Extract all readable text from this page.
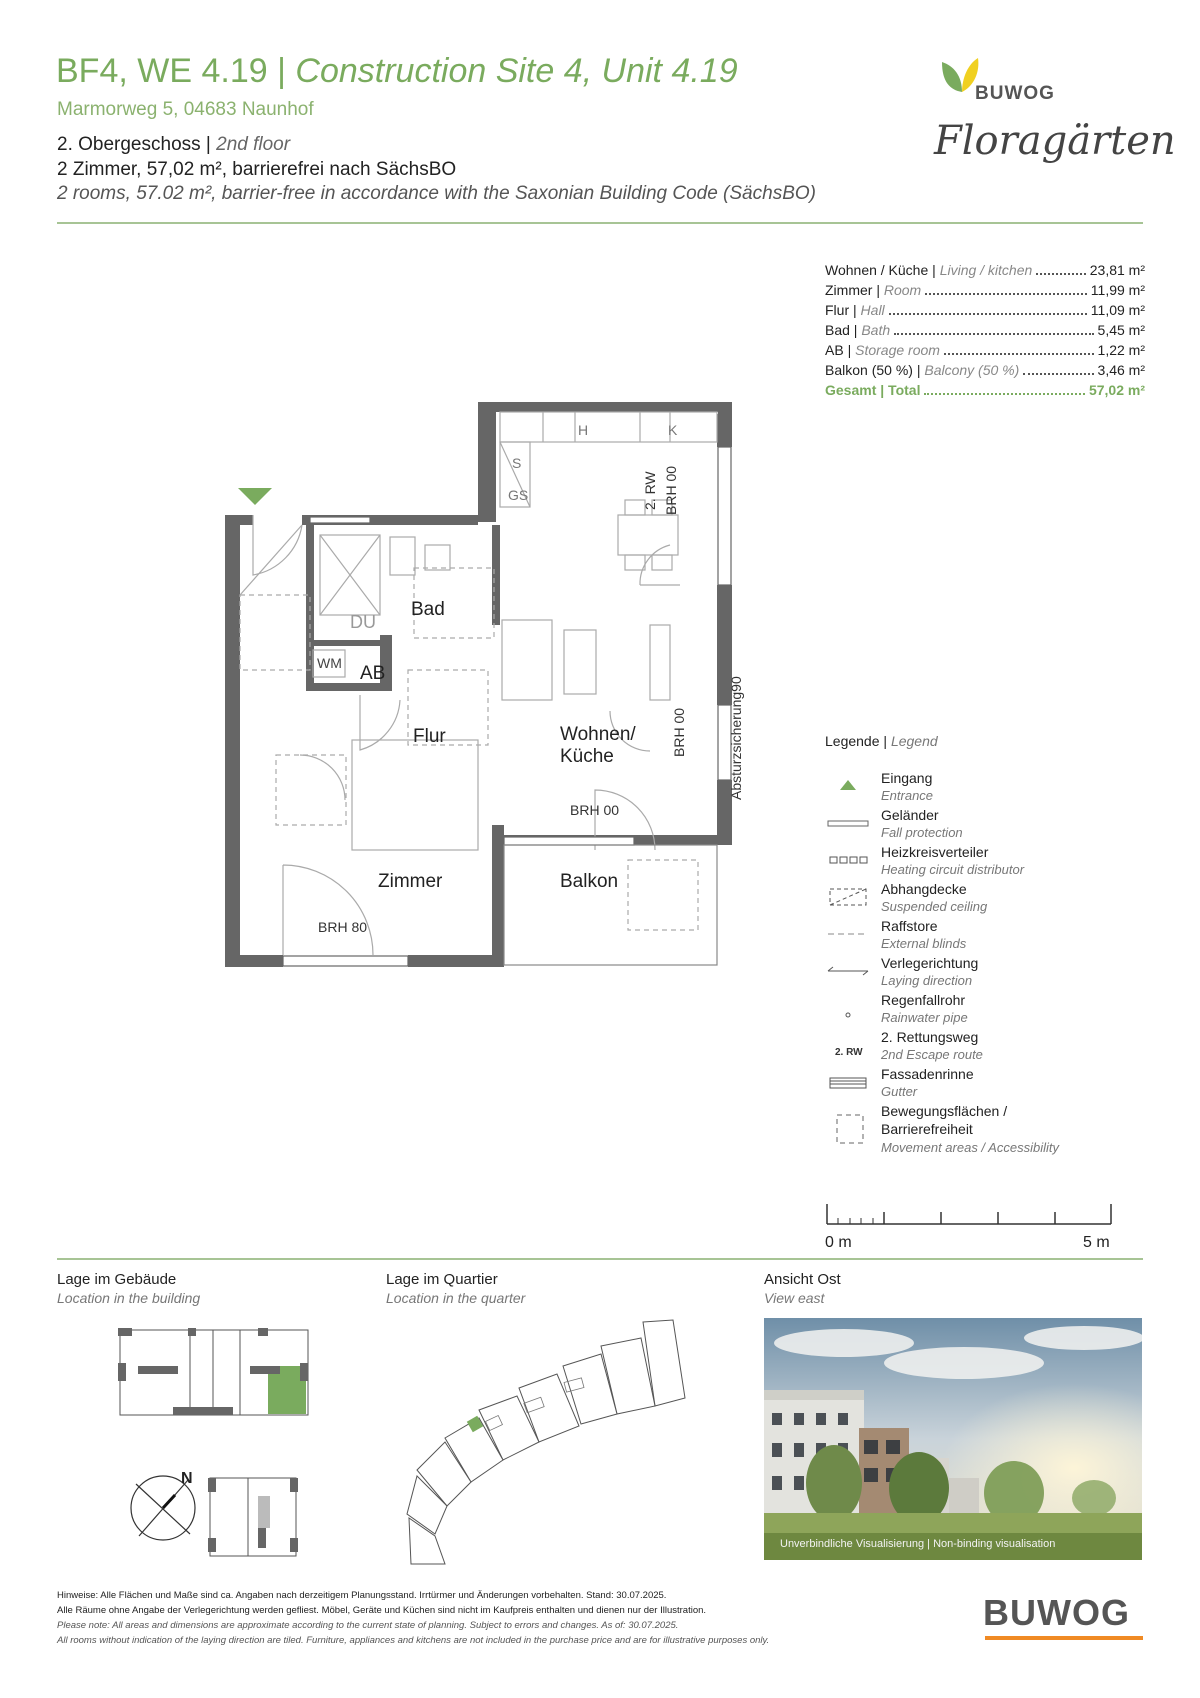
BF4, WE 4.19 | Construction Site 4, Unit 4.19
Marmorweg 5, 04683 Naunhof
2. Obergeschoss | 2nd floor
2 Zimmer, 57,02 m², barrierefrei nach SächsBO
2 rooms, 57.02 m², barrier-free in accordance with the Saxonian Building Code (SächsBO)
BUWOG
Floragärten
Wohnen / Küche | Living / kitchen	23,81 m²
Zimmer | Room	11,99 m²
Flur | Hall	11,09 m²
Bad | Bath	5,45 m²
AB | Storage room	1,22 m²
Balkon (50 %) | Balcony (50 %)	3,46 m²
Gesamt | Total	57,02 m²
Bad
DU
WM AB
Flur	Wohnen/
Küche
Zimmer	Balkon
H	K
S
GS	2. RW BRH 00
BRH 00
BRH 00
BRH 80
Absturzsicherung90	Legende | Legend
Eingang
Entrance
Geländer
Fall protection
Heizkreisverteiler
Heating circuit distributor
Abhangdecke
Suspended ceiling
Raffstore
External blinds
Verlegerichtung
Laying direction
Regenfallrohr
Rainwater pipe
2. RW
2. Rettungsweg
2nd Escape route
Fassadenrinne
Gutter
Bewegungsflächen /
Barrierefreiheit
Movement areas / Accessibility
0 m	5 m
Lage im Gebäude
Location in the building
N
Lage im Quartier
Location in the quarter
Ansicht Ost
View east
Unverbindliche Visualisierung | Non-binding visualisation
Hinweise: Alle Flächen und Maße sind ca. Angaben nach derzeitigem Planungsstand. Irrtürmer und Änderungen vorbehalten. Stand: 30.07.2025.
Alle Räume ohne Angabe der Verlegerichtung werden gefliest. Möbel, Geräte und Küchen sind nicht im Kaufpreis enthalten und dienen nur der Illustration.
Please note: All areas and dimensions are approximate according to the current state of planning. Subject to errors and changes. As of: 30.07.2025.
All rooms without indication of the laying direction are tiled. Furniture, appliances and kitchens are not included in the purchase price and are for illustrative purposes only.
BUWOG
